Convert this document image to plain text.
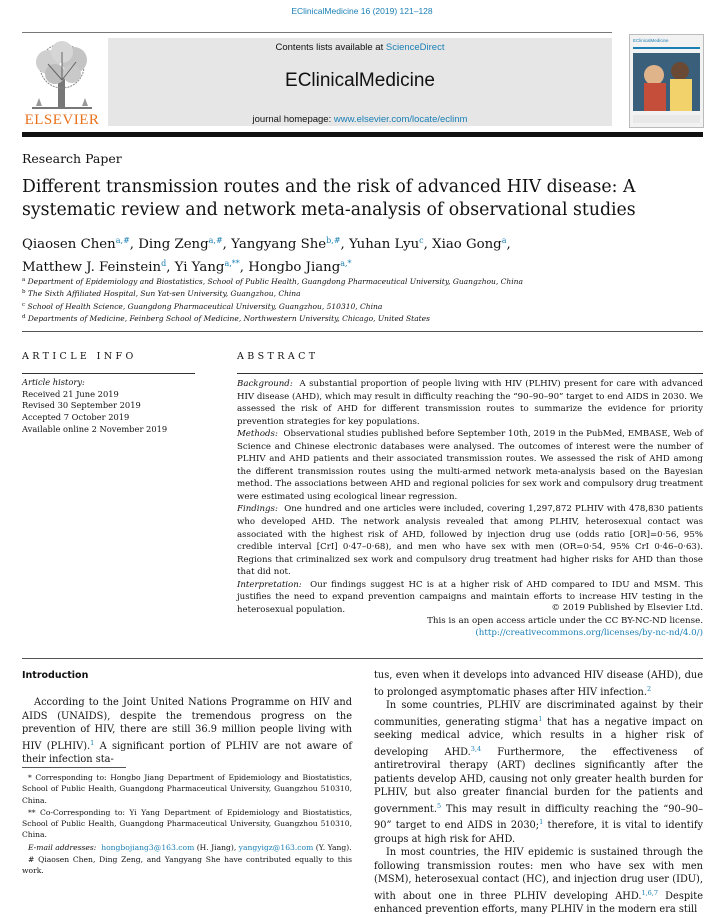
EClinicalMedicine 16 (2019) 121–128
ELSEVIER
Contents lists available at ScienceDirect
EClinicalMedicine
journal homepage: www.elsevier.com/locate/eclinm
EClinicalMedicine
Research Paper
Different transmission routes and the risk of advanced HIV disease: A systematic review and network meta-analysis of observational studies
Qiaosen Chen$^{a,\#}$, Ding Zeng$^{a,\#}$, Yangyang She$^{b,\#}$, Yuhan Lyu$^c$, Xiao Gong$^a$,
Matthew J. Feinstein$^d$, Yi Yang$^{a,**}$, Hongbo Jiang$^{a,*}$
$^a$ Department of Epidemiology and Biostatistics, School of Public Health, Guangdong Pharmaceutical University, Guangzhou, China
$^b$ The Sixth Affiliated Hospital, Sun Yat-sen University, Guangzhou, China
$^c$ School of Health Science, Guangdong Pharmaceutical University, Guangzhou, 510310, China
$^d$ Departments of Medicine, Feinberg School of Medicine, Northwestern University, Chicago, United States
ARTICLE INFO
Article history:
Received 21 June 2019
Revised 30 September 2019
Accepted 7 October 2019
Available online 2 November 2019
ABSTRACT

Background: A substantial proportion of people living with HIV (PLHIV) present for care with advanced HIV disease (AHD), which may result in difficulty reaching the “90–90–90” target to end AIDS in 2030. We assessed the risk of AHD for different transmission routes to summarize the evidence for priority prevention strategies for key populations.

Methods: Observational studies published before September 10th, 2019 in the PubMed, EMBASE, Web of Science and Chinese electronic databases were analysed. The outcomes of interest were the number of PLHIV and AHD patients and their associated transmission routes. We assessed the risk of AHD among the different transmission routes using the multi-armed network meta-analysis based on the Bayesian method. The associations between AHD and regional policies for sex work and compulsory drug treatment were estimated using ecological linear regression.

Findings: One hundred and one articles were included, covering 1,297,872 PLHIV with 478,830 patients who developed AHD. The network analysis revealed that among PLHIV, heterosexual contact was associated with the highest risk of AHD, followed by injection drug use (odds ratio [OR]=0·56, 95% credible interval [CrI] 0·47–0·68), and men who have sex with men (OR=0·54, 95% CrI 0·46–0·63). Regions that criminalized sex work and compulsory drug treatment had higher risks for AHD than those that did not.

Interpretation: Our findings suggest HC is at a higher risk of AHD compared to IDU and MSM. This justifies the need to expand prevention campaigns and maintain efforts to increase HIV testing in the heterosexual population.	© 2019 Published by Elsevier Ltd.
This is an open access article under the CC BY-NC-ND license.
(http://creativecommons.org/licenses/by-nc-nd/4.0/)
Introduction

According to the Joint United Nations Programme on HIV and AIDS (UNAIDS), despite the tremendous progress on the prevention of HIV, there are still 36.9 million people living with HIV (PLHIV).$^1$ A significant portion of PLHIV are not aware of their infection sta-

* Corresponding to: Hongbo Jiang Department of Epidemiology and Biostatistics, School of Public Health, Guangdong Pharmaceutical University, Guangzhou 510310, China.

** Co-Corresponding to: Yi Yang Department of Epidemiology and Biostatistics, School of Public Health, Guangdong Pharmaceutical University, Guangzhou 510310, China.

E-mail addresses: hongbojiang3@163.com (H. Jiang), yangyigz@163.com (Y. Yang).

# Qiaosen Chen, Ding Zeng, and Yangyang She have contributed equally to this work.

tus, even when it develops into advanced HIV disease (AHD), due to prolonged asymptomatic phases after HIV infection.$^2$

In some countries, PLHIV are discriminated against by their communities, generating stigma$^1$ that has a negative impact on seeking medical advice, which results in a higher risk of developing AHD.$^{3,4}$ Furthermore, the effectiveness of antiretroviral therapy (ART) declines significantly after the patients develop AHD, causing not only greater health burden for PLHIV, but also greater financial burden for the patients and government.$^5$ This may result in difficulty reaching the “90–90–90” target to end AIDS in 2030;$^1$ therefore, it is vital to identify groups at high risk for AHD.

In most countries, the HIV epidemic is sustained through the following transmission routes: men who have sex with men (MSM), heterosexual contact (HC), and injection drug user (IDU), with about one in three PLHIV developing AHD.$^{1,6,7}$ Despite enhanced prevention efforts, many PLHIV in the modern era still
